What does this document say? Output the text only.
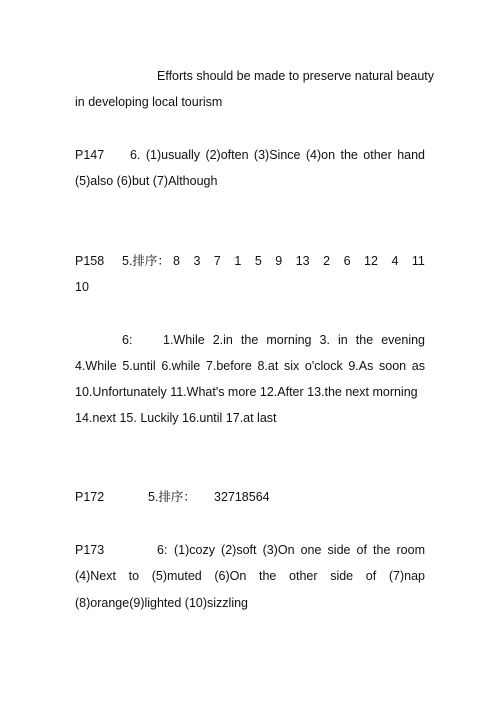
Efforts should be made to preserve natural beauty
in developing local tourism
P147 6. (1)usually (2)often (3)Since (4)on the other hand
(5)also (6)but (7)Although
P158 5.排序： 8 3 7 1 5 9 13 2 6 12 4 11
10
6: 1.While 2.in the morning 3. in the evening
4.While 5.until 6.while 7.before 8.at six o'clock 9.As soon as
10.Unfortunately 11.What's more 12.After 13.the next morning
14.next 15. Luckily 16.until 17.at last
P172	5.排序： 32718564
P173	6: (1)cozy (2)soft (3)On one side of the room
(4)Next to (5)muted (6)On the other side of (7)nap
(8)orange(9)lighted (10)sizzling
